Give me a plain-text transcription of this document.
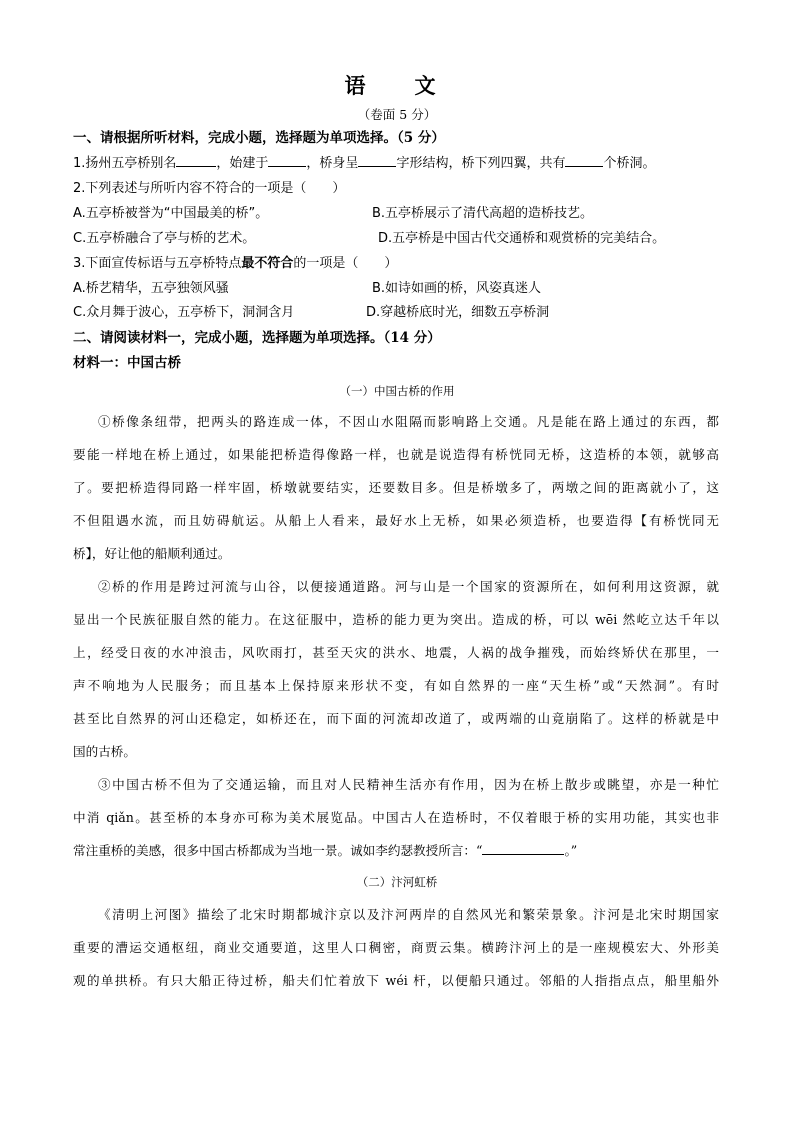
语　文
（卷面 5 分）
一、请根据所听材料，完成小题，选择题为单项选择。（5 分）
1.扬州五亭桥别名	，始建于	，桥身呈	字形结构，桥下列四翼，共有	个桥洞。
2.下列表述与所听内容不符合的一项是（　　）
A.五亭桥被誉为“中国最美的桥”。	B.五亭桥展示了清代高超的造桥技艺。
C.五亭桥融合了亭与桥的艺术。	D.五亭桥是中国古代交通桥和观赏桥的完美结合。
3.下面宣传标语与五亭桥特点最不符合的一项是（　　）
A.桥艺精华，五亭独领风骚	B.如诗如画的桥，风姿真迷人
C.众月舞于波心，五亭桥下，洞洞含月	D.穿越桥底时光，细数五亭桥洞
二、请阅读材料一，完成小题，选择题为单项选择。（14 分）
材料一：中国古桥
（一）中国古桥的作用
①桥像条纽带，把两头的路连成一体，不因山水阻隔而影响路上交通。凡是能在路上通过的东西，都
要能一样地在桥上通过，如果能把桥造得像路一样，也就是说造得有桥恍同无桥，这造桥的本领，就够高
了。要把桥造得同路一样牢固，桥墩就要结实，还要数目多。但是桥墩多了，两墩之间的距离就小了，这
不但阻遇水流，而且妨碍航运。从船上人看来，最好水上无桥，如果必须造桥，也要造得【有桥恍同无
桥】，好让他的船顺利通过。
②桥的作用是跨过河流与山谷，以便接通道路。河与山是一个国家的资源所在，如何利用这资源，就
显出一个民族征服自然的能力。在这征服中，造桥的能力更为突出。造成的桥，可以 wēi 然屹立达千年以
上，经受日夜的水冲浪击，风吹雨打，甚至天灾的洪水、地震，人祸的战争摧残，而始终矫伏在那里，一
声不响地为人民服务；而且基本上保持原来形状不变，有如自然界的一座“天生桥”或“天然洞”。有时
甚至比自然界的河山还稳定，如桥还在，而下面的河流却改道了，或两端的山竟崩陷了。这样的桥就是中
国的古桥。
③中国古桥不但为了交通运输，而且对人民精神生活亦有作用，因为在桥上散步或眺望，亦是一种忙
中消 qiǎn。甚至桥的本身亦可称为美术展览品。中国古人在造桥时，不仅着眼于桥的实用功能，其实也非
常注重桥的美感，很多中国古桥都成为当地一景。诚如李约瑟教授所言：“	。”
（二）汴河虹桥
《清明上河图》描绘了北宋时期都城汴京以及汴河两岸的自然风光和繁荣景象。汴河是北宋时期国家
重要的漕运交通枢纽，商业交通要道，这里人口稠密，商贾云集。横跨汴河上的是一座规模宏大、外形美
观的单拱桥。有只大船正待过桥，船夫们忙着放下 wéi 杆，以便船只通过。邻船的人指指点点，船里船外
